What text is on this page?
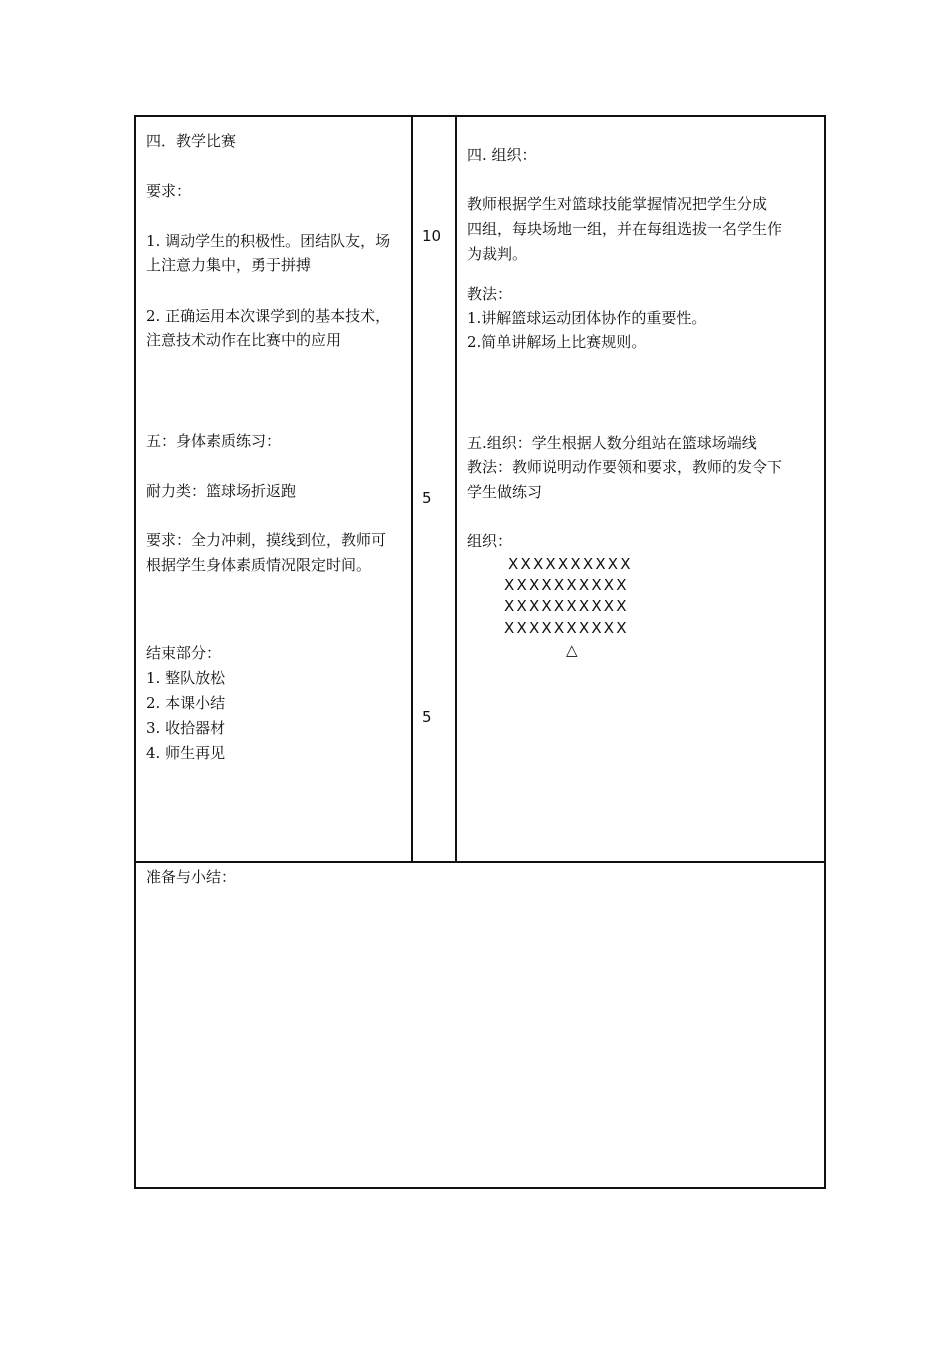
四．教学比赛
要求：
1. 调动学生的积极性。团结队友，场
上注意力集中，勇于拼搏
2. 正确运用本次课学到的基本技术，
注意技术动作在比赛中的应用
五：身体素质练习：
耐力类：篮球场折返跑
要求：全力冲刺，摸线到位，教师可
根据学生身体素质情况限定时间。
结束部分：
1. 整队放松
2. 本课小结
3. 收拾器材
4. 师生再见
10
5
5
四. 组织：
教师根据学生对篮球技能掌握情况把学生分成
四组，每块场地一组，并在每组选拔一名学生作
为裁判。
教法：
1.讲解篮球运动团体协作的重要性。
2.简单讲解场上比赛规则。
五.组织：学生根据人数分组站在篮球场端线
教法：教师说明动作要领和要求，教师的发令下
学生做练习
组织：
XXXXXXXXXX
XXXXXXXXXX
XXXXXXXXXX
XXXXXXXXXX
△
准备与小结：
